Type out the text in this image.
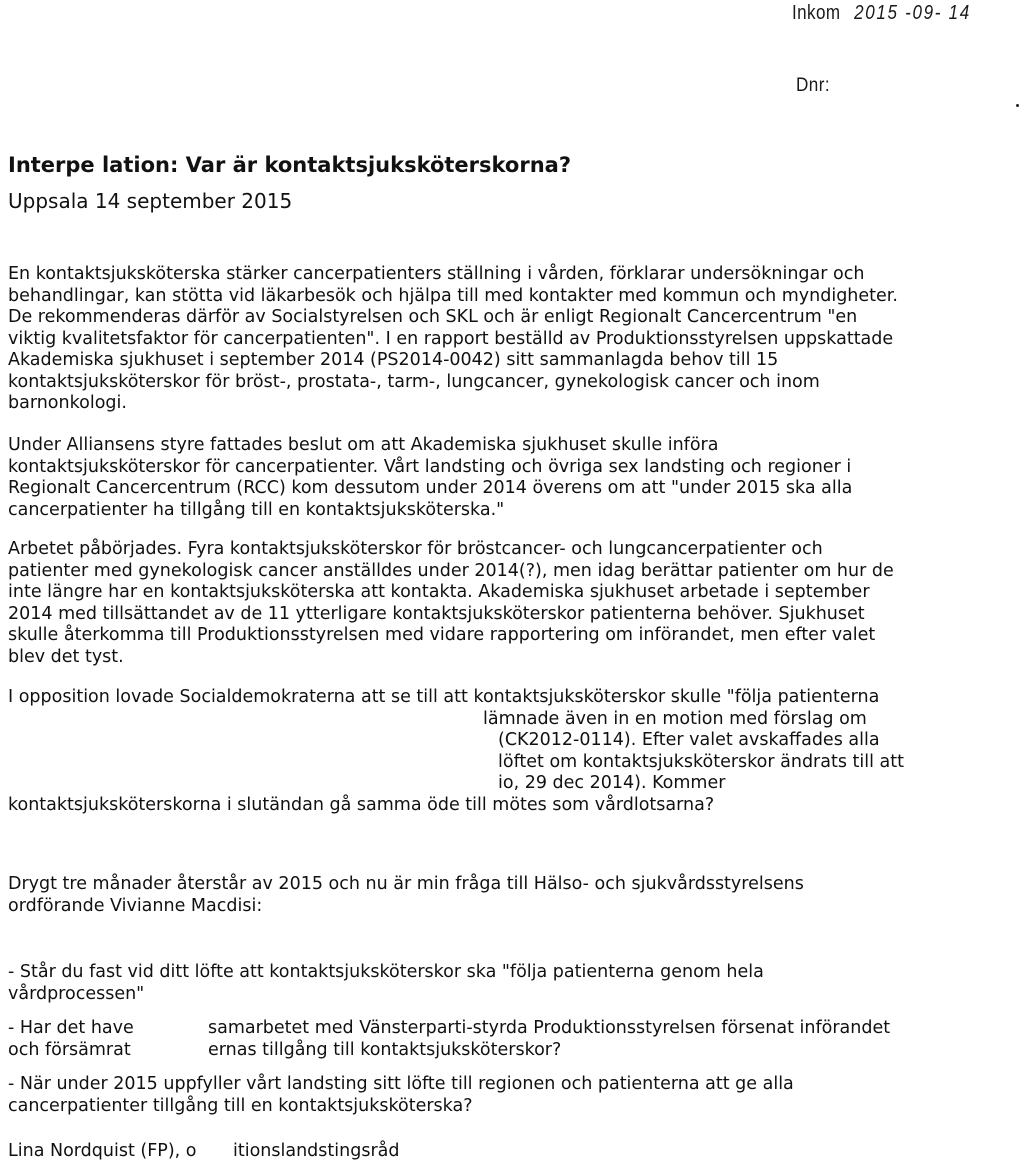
Inkom 2015 -09- 14
Dnr:
Interpe lation: Var är kontaktsjuksköterskorna?
Uppsala 14 september 2015

En kontaktsjuksköterska stärker cancerpatienters ställning i vården, förklarar undersökningar och
behandlingar, kan stötta vid läkarbesök och hjälpa till med kontakter med kommun och myndigheter.
De rekommenderas därför av Socialstyrelsen och SKL och är enligt Regionalt Cancercentrum "en
viktig kvalitetsfaktor för cancerpatienten". I en rapport beställd av Produktionsstyrelsen uppskattade
Akademiska sjukhuset i september 2014 (PS2014-0042) sitt sammanlagda behov till 15
kontaktsjuksköterskor för bröst-, prostata-, tarm-, lungcancer, gynekologisk cancer och inom
barnonkologi.

Under Alliansens styre fattades beslut om att Akademiska sjukhuset skulle införa
kontaktsjuksköterskor för cancerpatienter. Vårt landsting och övriga sex landsting och regioner i
Regionalt Cancercentrum (RCC) kom dessutom under 2014 överens om att "under 2015 ska alla
cancerpatienter ha tillgång till en kontaktsjuksköterska."

Arbetet påbörjades. Fyra kontaktsjuksköterskor för bröstcancer- och lungcancerpatienter och
patienter med gynekologisk cancer anställdes under 2014(?), men idag berättar patienter om hur de
inte längre har en kontaktsjuksköterska att kontakta. Akademiska sjukhuset arbetade i september
2014 med tillsättandet av de 11 ytterligare kontaktsjuksköterskor patienterna behöver. Sjukhuset
skulle återkomma till Produktionsstyrelsen med vidare rapportering om införandet, men efter valet
blev det tyst.

I opposition lovade Socialdemokraterna att se till att kontaktsjuksköterskor skulle "följa patienterna
lämnade även in en motion med förslag om
(CK2012-0114). Efter valet avskaffades alla
löftet om kontaktsjuksköterskor ändrats till att
io, 29 dec 2014). Kommer
kontaktsjuksköterskorna i slutändan gå samma öde till mötes som vårdlotsarna?

Drygt tre månader återstår av 2015 och nu är min fråga till Hälso- och sjukvårdsstyrelsens
ordförande Vivianne Macdisi:

- Står du fast vid ditt löfte att kontaktsjuksköterskor ska "följa patienterna genom hela
vårdprocessen"

- Har det have	samarbetet med Vänsterparti-styrda Produktionsstyrelsen försenat införandet
och försämrat	ernas tillgång till kontaktsjuksköterskor?

- När under 2015 uppfyller vårt landsting sitt löfte till regionen och patienterna att ge alla
cancerpatienter tillgång till en kontaktsjuksköterska?

Lina Nordquist (FP), o itionslandstingsråd
